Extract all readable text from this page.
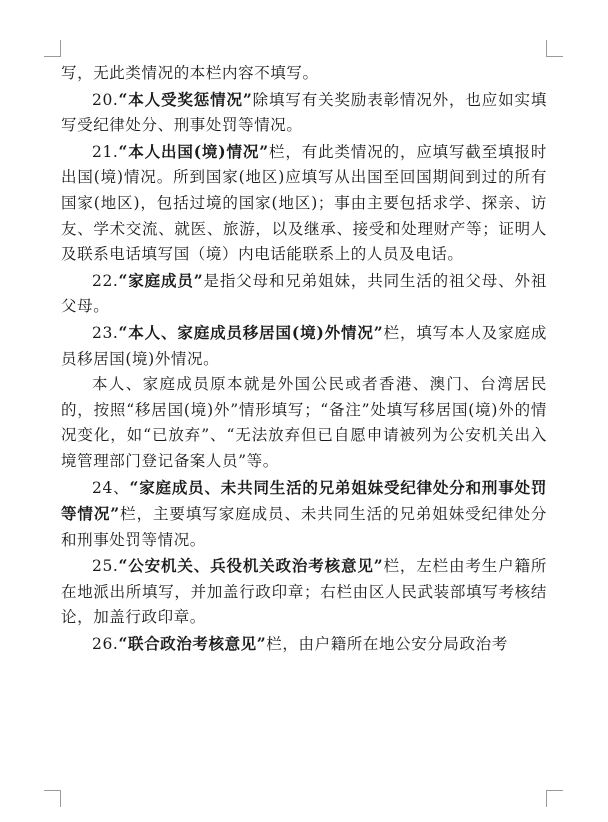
写，无此类情况的本栏内容不填写。

20.“本人受奖惩情况”除填写有关奖励表彰情况外，也应如实填写受纪律处分、刑事处罚等情况。

21.“本人出国(境)情况”栏，有此类情况的，应填写截至填报时出国(境)情况。所到国家(地区)应填写从出国至回国期间到过的所有国家(地区)，包括过境的国家(地区)；事由主要包括求学、探亲、访友、学术交流、就医、旅游，以及继承、接受和处理财产等；证明人及联系电话填写国（境）内电话能联系上的人员及电话。

22.“家庭成员”是指父母和兄弟姐妹，共同生活的祖父母、外祖父母。

23.“本人、家庭成员移居国(境)外情况”栏，填写本人及家庭成员移居国(境)外情况。

本人、家庭成员原本就是外国公民或者香港、澳门、台湾居民的，按照“移居国(境)外”情形填写；“备注”处填写移居国(境)外的情况变化，如“已放弃”、“无法放弃但已自愿申请被列为公安机关出入境管理部门登记备案人员”等。

24、“家庭成员、未共同生活的兄弟姐妹受纪律处分和刑事处罚等情况”栏，主要填写家庭成员、未共同生活的兄弟姐妹受纪律处分和刑事处罚等情况。

25.“公安机关、兵役机关政治考核意见”栏，左栏由考生户籍所在地派出所填写，并加盖行政印章；右栏由区人民武装部填写考核结论，加盖行政印章。

26.“联合政治考核意见”栏，由户籍所在地公安分局政治考
